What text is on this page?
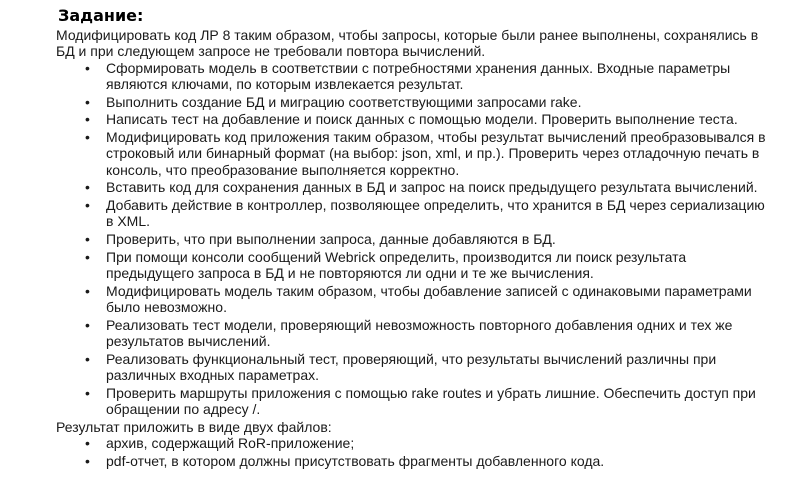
Задание:

Модифицировать код ЛР 8 таким образом, чтобы запросы, которые были ранее выполнены, сохранялись в БД и при следующем запросе не требовали повтора вычислений.

• Сформировать модель в соответствии с потребностями хранения данных. Входные параметры являются ключами, по которым извлекается результат.
• Выполнить создание БД и миграцию соответствующими запросами rake.
• Написать тест на добавление и поиск данных с помощью модели. Проверить выполнение теста.
• Модифицировать код приложения таким образом, чтобы результат вычислений преобразовывался в строковый или бинарный формат (на выбор: json, xml, и пр.). Проверить через отладочную печать в консоль, что преобразование выполняется корректно.
• Вставить код для сохранения данных в БД и запрос на поиск предыдущего результата вычислений.
• Добавить действие в контроллер, позволяющее определить, что хранится в БД через сериализацию в XML.
• Проверить, что при выполнении запроса, данные добавляются в БД.
• При помощи консоли сообщений Webrick определить, производится ли поиск результата предыдущего запроса в БД и не повторяются ли одни и те же вычисления.
• Модифицировать модель таким образом, чтобы добавление записей с одинаковыми параметрами было невозможно.
• Реализовать тест модели, проверяющий невозможность повторного добавления одних и тех же результатов вычислений.
• Реализовать функциональный тест, проверяющий, что результаты вычислений различны при различных входных параметрах.
• Проверить маршруты приложения с помощью rake routes и убрать лишние. Обеспечить доступ при обращении по адресу /.

Результат приложить в виде двух файлов:

• архив, содержащий RoR-приложение;
• pdf-отчет, в котором должны присутствовать фрагменты добавленного кода.
